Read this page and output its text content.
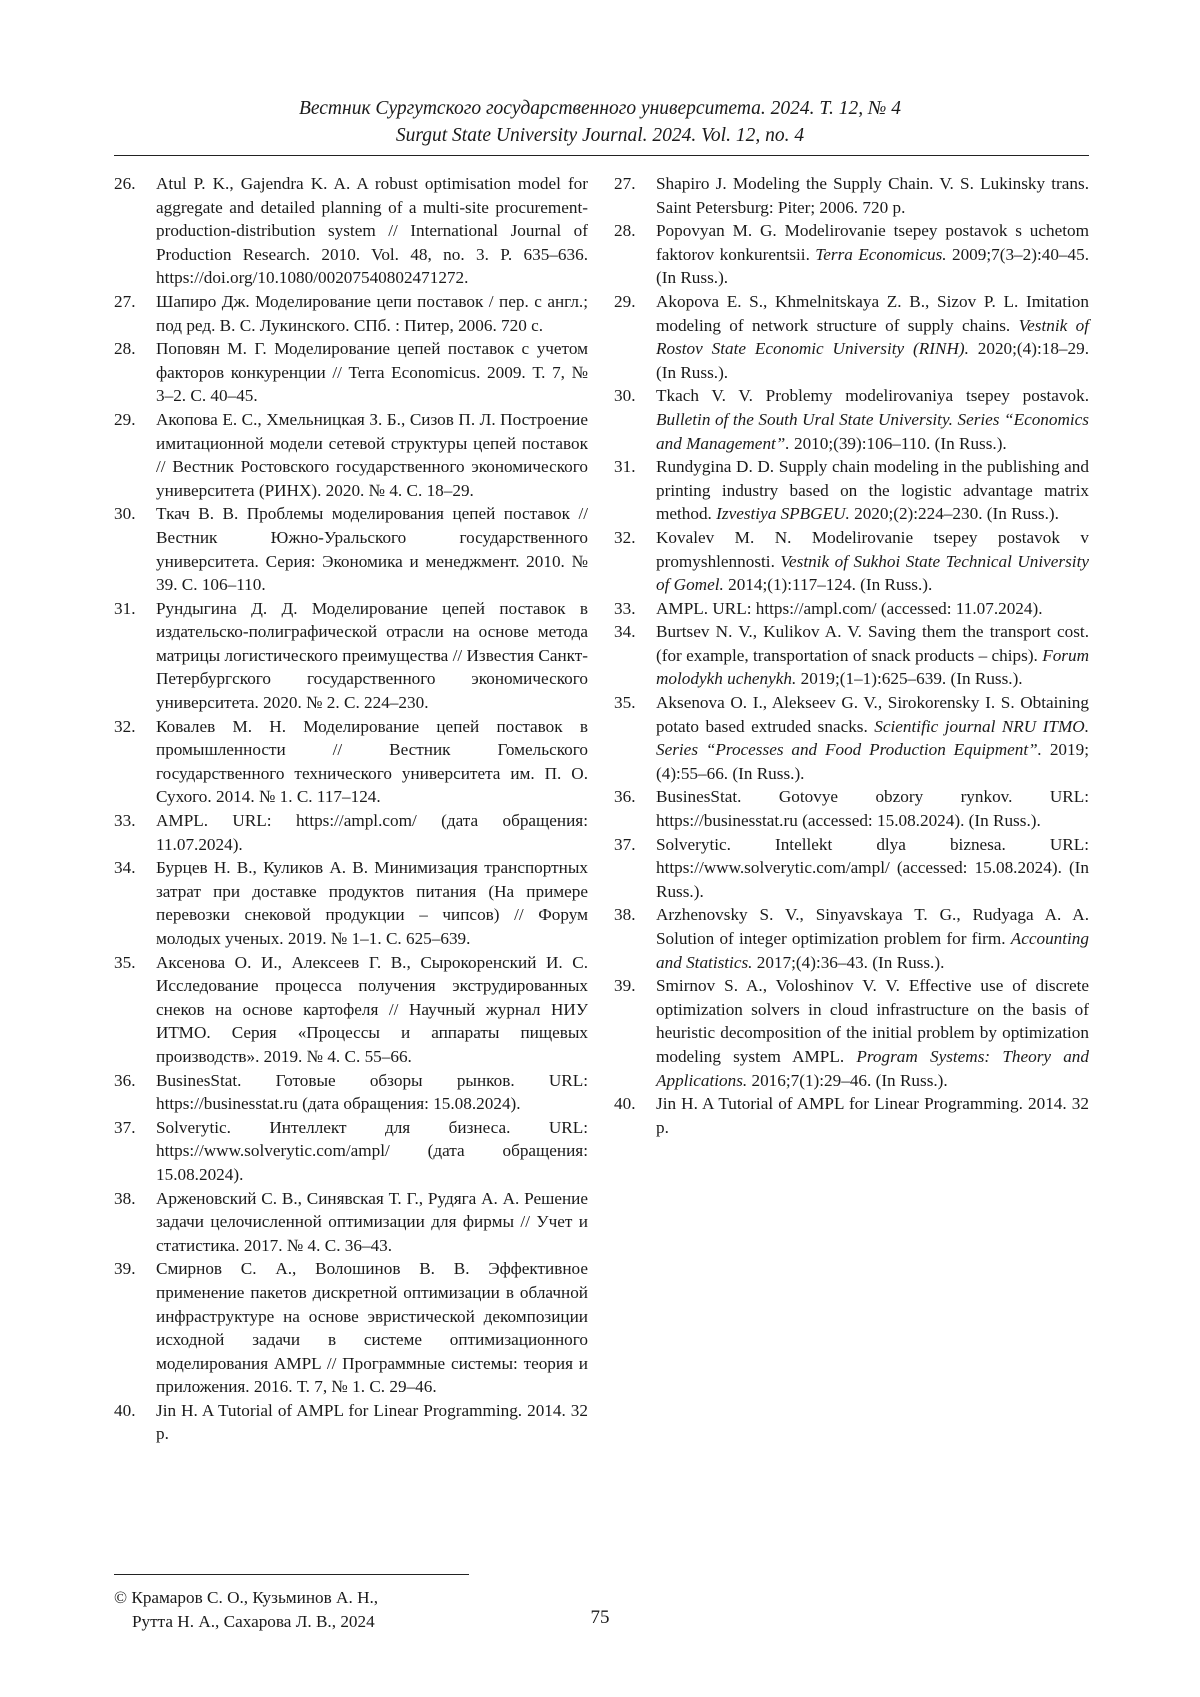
Вестник Сургутского государственного университета. 2024. Т. 12, № 4
Surgut State University Journal. 2024. Vol. 12, no. 4
26.	Atul P. K., Gajendra K. A. A robust optimisation model for aggregate and detailed planning of a multi-site procurement-production-distribution system // International Journal of Production Research. 2010. Vol. 48, no. 3. P. 635–636. https://doi.org/10.1080/00207540802471272.
27.	Шапиро Дж. Моделирование цепи поставок / пер. с англ.; под ред. В. С. Лукинского. СПб. : Питер, 2006. 720 с.
28.	Поповян М. Г. Моделирование цепей поставок с учетом факторов конкуренции // Terra Economicus. 2009. Т. 7, № 3–2. С. 40–45.
29.	Акопова Е. С., Хмельницкая З. Б., Сизов П. Л. Построение имитационной модели сетевой структуры цепей поставок // Вестник Ростовского государственного экономического университета (РИНХ). 2020. № 4. С. 18–29.
30.	Ткач В. В. Проблемы моделирования цепей поставок // Вестник Южно-Уральского государственного университета. Серия: Экономика и менеджмент. 2010. № 39. С. 106–110.
31.	Рундыгина Д. Д. Моделирование цепей поставок в издательско-полиграфической отрасли на основе метода матрицы логистического преимущества // Известия Санкт-Петербургского государственного экономического университета. 2020. № 2. С. 224–230.
32.	Ковалев М. Н. Моделирование цепей поставок в промышленности // Вестник Гомельского государственного технического университета им. П. О. Сухого. 2014. № 1. С. 117–124.
33.	AMPL. URL: https://ampl.com/ (дата обращения: 11.07.2024).
34.	Бурцев Н. В., Куликов А. В. Минимизация транспортных затрат при доставке продуктов питания (На примере перевозки снековой продукции – чипсов) // Форум молодых ученых. 2019. № 1–1. С. 625–639.
35.	Аксенова О. И., Алексеев Г. В., Сырокоренский И. С. Исследование процесса получения экструдированных снеков на основе картофеля // Научный журнал НИУ ИТМО. Серия «Процессы и аппараты пищевых производств». 2019. № 4. С. 55–66.
36.	BusinesStat. Готовые обзоры рынков. URL: https://businesstat.ru (дата обращения: 15.08.2024).
37.	Solverytic. Интеллект для бизнеса. URL: https://www.solverytic.com/ampl/ (дата обращения: 15.08.2024).
38.	Арженовский С. В., Синявская Т. Г., Рудяга А. А. Решение задачи целочисленной оптимизации для фирмы // Учет и статистика. 2017. № 4. С. 36–43.
39.	Смирнов С. А., Волошинов В. В. Эффективное применение пакетов дискретной оптимизации в облачной инфраструктуре на основе эвристической декомпозиции исходной задачи в системе оптимизационного моделирования AMPL // Программные системы: теория и приложения. 2016. Т. 7, № 1. С. 29–46.
40.	Jin H. A Tutorial of AMPL for Linear Programming. 2014. 32 p.
27.	Shapiro J. Modeling the Supply Chain. V. S. Lukinsky trans. Saint Petersburg: Piter; 2006. 720 p.
28.	Popovyan M. G. Modelirovanie tsepey postavok s uchetom faktorov konkurentsii. Terra Economicus. 2009;7(3–2):40–45. (In Russ.).
29.	Akopova E. S., Khmelnitskaya Z. B., Sizov P. L. Imitation modeling of network structure of supply chains. Vestnik of Rostov State Economic University (RINH). 2020;(4):18–29. (In Russ.).
30.	Tkach V. V. Problemy modelirovaniya tsepey postavok. Bulletin of the South Ural State University. Series “Economics and Management”. 2010;(39):106–110. (In Russ.).
31.	Rundygina D. D. Supply chain modeling in the publishing and printing industry based on the logistic advantage matrix method. Izvestiya SPBGEU. 2020;(2):224–230. (In Russ.).
32.	Kovalev M. N. Modelirovanie tsepey postavok v promyshlennosti. Vestnik of Sukhoi State Technical University of Gomel. 2014;(1):117–124. (In Russ.).
33.	AMPL. URL: https://ampl.com/ (accessed: 11.07.2024).
34.	Burtsev N. V., Kulikov A. V. Saving them the transport cost. (for example, transportation of snack products – chips). Forum molodykh uchenykh. 2019;(1–1):625–639. (In Russ.).
35.	Aksenova O. I., Alekseev G. V., Sirokorensky I. S. Obtaining potato based extruded snacks. Scientific journal NRU ITMO. Series “Processes and Food Production Equipment”. 2019;(4):55–66. (In Russ.).
36.	BusinesStat. Gotovye obzory rynkov. URL: https://businesstat.ru (accessed: 15.08.2024). (In Russ.).
37.	Solverytic. Intellekt dlya biznesa. URL: https://www.solverytic.com/ampl/ (accessed: 15.08.2024). (In Russ.).
38.	Arzhenovsky S. V., Sinyavskaya T. G., Rudyaga A. A. Solution of integer optimization problem for firm. Accounting and Statistics. 2017;(4):36–43. (In Russ.).
39.	Smirnov S. A., Voloshinov V. V. Effective use of discrete optimization solvers in cloud infrastructure on the basis of heuristic decomposition of the initial problem by optimization modeling system AMPL. Program Systems: Theory and Applications. 2016;7(1):29–46. (In Russ.).
40.	Jin H. A Tutorial of AMPL for Linear Programming. 2014. 32 p.
© Крамаров С. О., Кузьминов А. Н.,
Рутта Н. А., Сахарова Л. В., 2024	75
